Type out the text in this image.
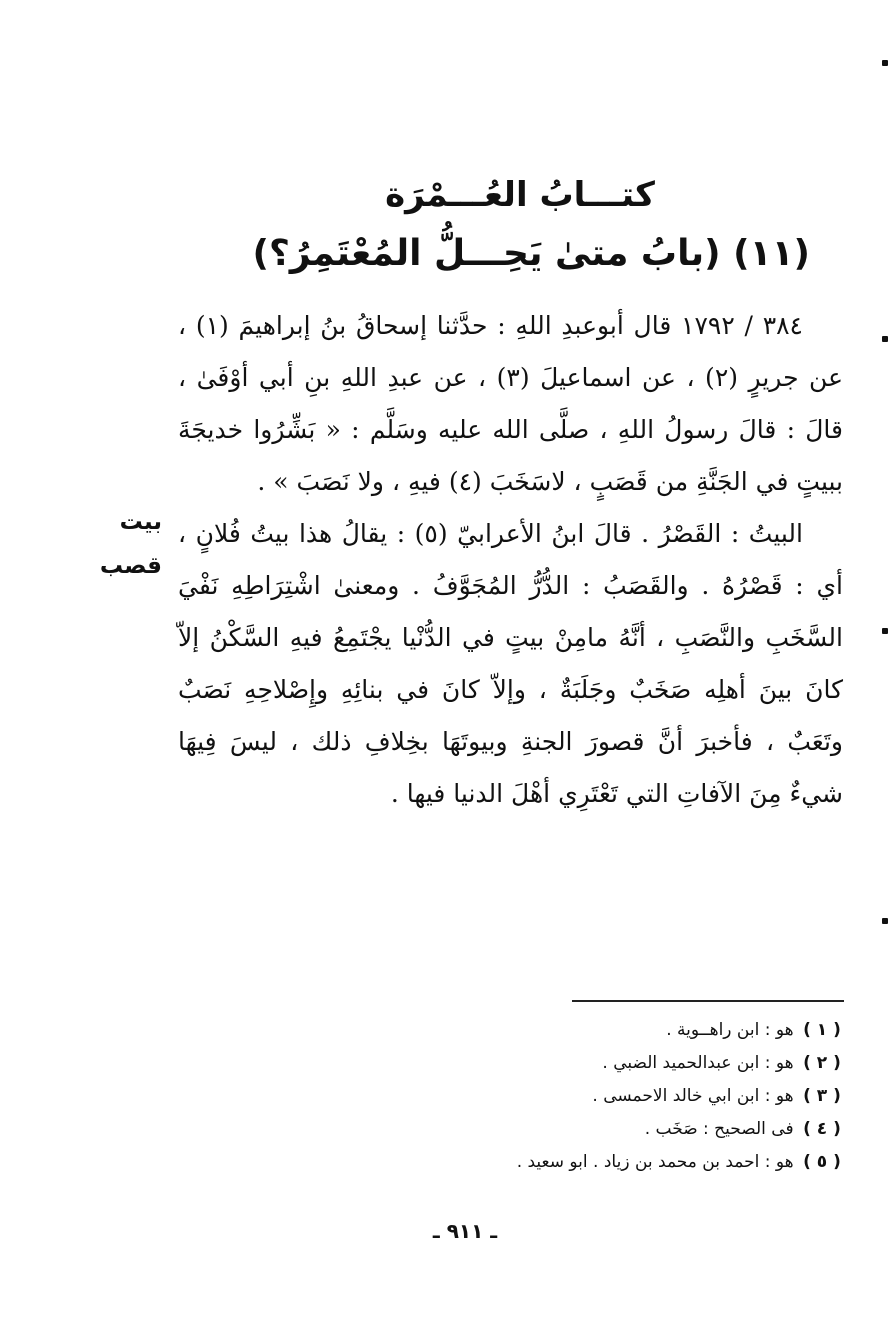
كتـــابُ العُـــمْرَة
(١١) (بابُ متىٰ يَحِـــلُّ المُعْتَمِرُ؟)

٣٨٤ / ١٧٩٢ قال أبوعبدِ اللهِ : حدَّثنا إسحاقُ بنُ إبراهيمَ (١) ، عن جريرٍ (٢) ، عن اسماعيلَ (٣) ، عن عبدِ اللهِ بنِ أبي أوْفَىٰ ، قالَ : قالَ رسولُ اللهِ ، صلَّى الله عليه وسَلَّم : « بَشِّرُوا خديجَةَ ببيتٍ في الجَنَّةِ من قَصَبٍ ، لاسَخَبَ (٤) فيهِ ، ولا نَصَبَ » .

البيتُ : القَصْرُ . قالَ ابنُ الأعرابيّ (٥) : يقالُ هذا بيتُ فُلانٍ ، أي : قَصْرُهُ . والقَصَبُ : الدُّرُّ المُجَوَّفُ . ومعنىٰ اشْتِرَاطِهِ نَفْيَ السَّخَبِ والنَّصَبِ ، أنَّهُ مامِنْ بيتٍ في الدُّنْيا يجْتَمِعُ فيهِ السَّكْنُ إلاّ كانَ بينَ أهلِه صَخَبٌ وجَلَبَةٌ ، وإلاّ كانَ في بنائِهِ وإِصْلاحِهِ نَصَبٌ وتَعَبٌ ، فأخبرَ أنَّ قصورَ الجنةِ وبيوتَهَا بخِلافِ ذلك ، ليسَ فِيهَا شيءٌ مِنَ الآفاتِ التي تَعْتَرِي أهْلَ الدنيا فيها .

بيت
قصب
( ١ ) هو : ابن راهــوية .
( ٢ ) هو : ابن عبدالحميد الضبي .
( ٣ ) هو : ابن ابي خالد الاحمسى .
( ٤ ) فى الصحيح : صَخَب .
( ٥ ) هو : احمد بن محمد بن زياد . ابو سعيد .
ـ ٩١١ ـ
